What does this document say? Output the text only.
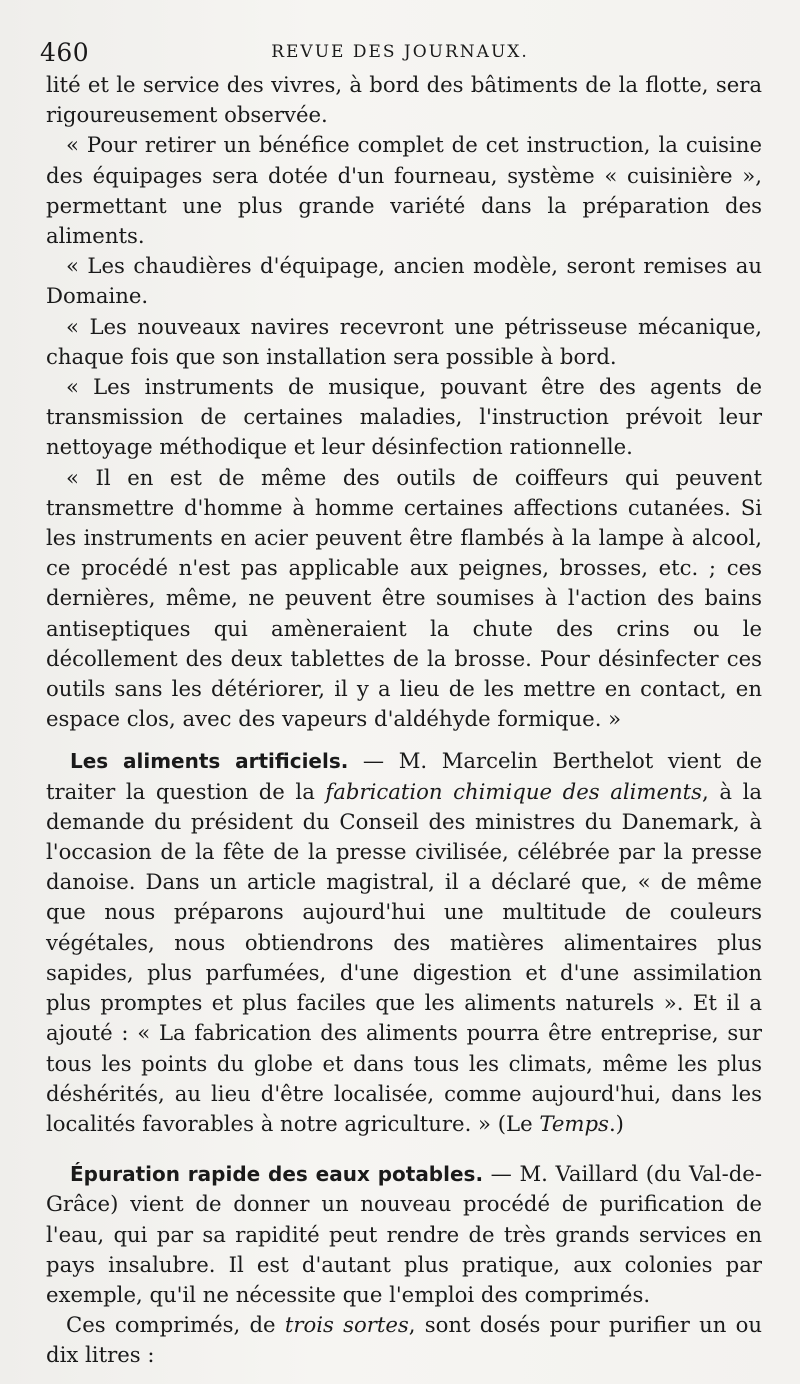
460	REVUE DES JOURNAUX.

lité et le service des vivres, à bord des bâtiments de la flotte, sera rigoureusement observée.

« Pour retirer un bénéfice complet de cet instruction, la cuisine des équipages sera dotée d'un fourneau, système « cuisinière », permettant une plus grande variété dans la préparation des aliments.

« Les chaudières d'équipage, ancien modèle, seront remises au Domaine.

« Les nouveaux navires recevront une pétrisseuse mécanique, chaque fois que son installation sera possible à bord.

« Les instruments de musique, pouvant être des agents de transmission de certaines maladies, l'instruction prévoit leur nettoyage méthodique et leur désinfection rationnelle.

« Il en est de même des outils de coiffeurs qui peuvent transmettre d'homme à homme certaines affections cutanées. Si les instruments en acier peuvent être flambés à la lampe à alcool, ce procédé n'est pas applicable aux peignes, brosses, etc. ; ces dernières, même, ne peuvent être soumises à l'action des bains antiseptiques qui amèneraient la chute des crins ou le décollement des deux tablettes de la brosse. Pour désinfecter ces outils sans les détériorer, il y a lieu de les mettre en contact, en espace clos, avec des vapeurs d'aldéhyde formique. »

Les aliments artificiels. — M. Marcelin Berthelot vient de traiter la question de la fabrication chimique des aliments, à la demande du président du Conseil des ministres du Danemark, à l'occasion de la fête de la presse civilisée, célébrée par la presse danoise. Dans un article magistral, il a déclaré que, « de même que nous préparons aujourd'hui une multitude de couleurs végétales, nous obtiendrons des matières alimentaires plus sapides, plus parfumées, d'une digestion et d'une assimilation plus promptes et plus faciles que les aliments naturels ». Et il a ajouté : « La fabrication des aliments pourra être entreprise, sur tous les points du globe et dans tous les climats, même les plus déshérités, au lieu d'être localisée, comme aujourd'hui, dans les localités favorables à notre agriculture. » (Le Temps.)

Épuration rapide des eaux potables. — M. Vaillard (du Val-de-Grâce) vient de donner un nouveau procédé de purification de l'eau, qui par sa rapidité peut rendre de très grands services en pays insalubre. Il est d'autant plus pratique, aux colonies par exemple, qu'il ne nécessite que l'emploi des comprimés.

Ces comprimés, de trois sortes, sont dosés pour purifier un ou dix litres :
